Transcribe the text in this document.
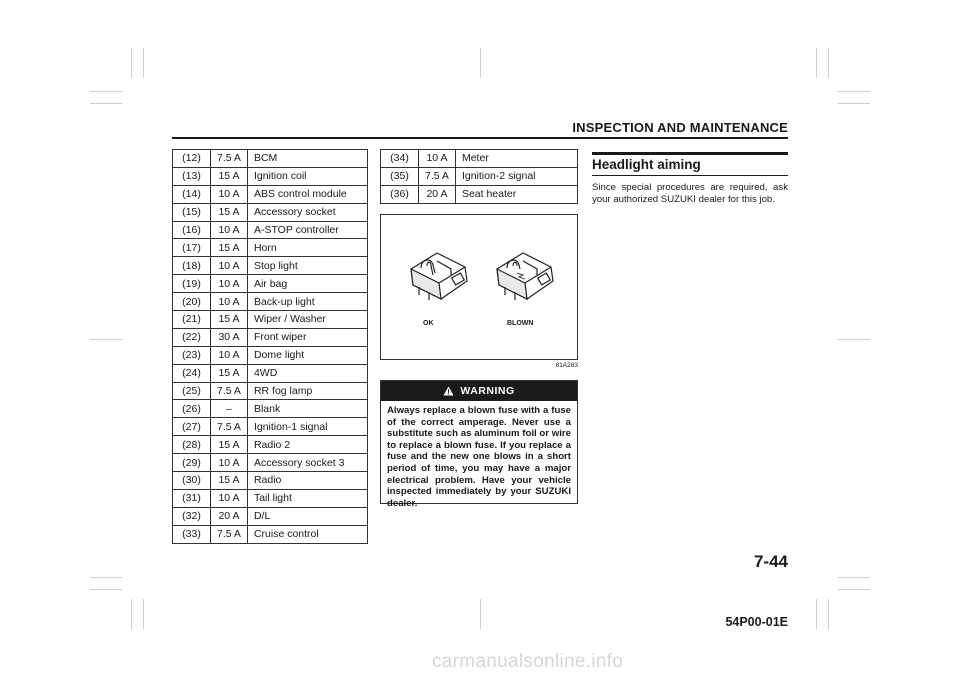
INSPECTION AND MAINTENANCE
(12)	7.5 A	BCM
(13)	15 A	Ignition coil
(14)	10 A	ABS control module
(15)	15 A	Accessory socket
(16)	10 A	A-STOP controller
(17)	15 A	Horn
(18)	10 A	Stop light
(19)	10 A	Air bag
(20)	10 A	Back-up light
(21)	15 A	Wiper / Washer
(22)	30 A	Front wiper
(23)	10 A	Dome light
(24)	15 A	4WD
(25)	7.5 A	RR fog lamp
(26)	–	Blank
(27)	7.5 A	Ignition-1 signal
(28)	15 A	Radio 2
(29)	10 A	Accessory socket 3
(30)	15 A	Radio
(31)	10 A	Tail light
(32)	20 A	D/L
(33)	7.5 A	Cruise control
(34)	10 A	Meter
(35)	7.5 A	Ignition-2 signal
(36)	20 A	Seat heater
OK	BLOWN
81A283
WARNING
Always replace a blown fuse with a fuse of the correct amperage. Never use a substitute such as aluminum foil or wire to replace a blown fuse. If you replace a fuse and the new one blows in a short period of time, you may have a major electrical problem. Have your vehicle inspected immediately by your SUZUKI dealer.
Headlight aiming
Since special procedures are required, ask your authorized SUZUKI dealer for this job.
7-44
54P00-01E
carmanualsonline.info
